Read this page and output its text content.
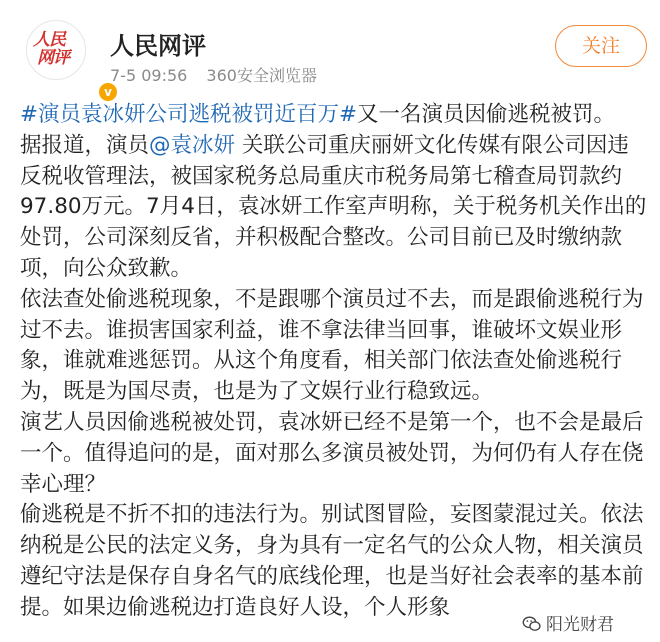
人民
网评
v
人民网评
7-5 09:56 360安全浏览器
关注

#演员袁冰妍公司逃税被罚近百万#又一名演员因偷逃税被罚。
据报道，演员@袁冰妍 关联公司重庆丽妍文化传媒有限公司因违反税收管理法，被国家税务总局重庆市税务局第七稽查局罚款约97.80万元。7月4日，袁冰妍工作室声明称，关于税务机关作出的处罚，公司深刻反省，并积极配合整改。公司目前已及时缴纳款项，向公众致歉。

依法查处偷逃税现象，不是跟哪个演员过不去，而是跟偷逃税行为过不去。谁损害国家利益，谁不拿法律当回事，谁破坏文娱业形象，谁就难逃惩罚。从这个角度看，相关部门依法查处偷逃税行为，既是为国尽责，也是为了文娱行业行稳致远。

演艺人员因偷逃税被处罚，袁冰妍已经不是第一个，也不会是最后一个。值得追问的是，面对那么多演员被处罚，为何仍有人存在侥幸心理？

偷逃税是不折不扣的违法行为。别试图冒险，妄图蒙混过关。依法纳税是公民的法定义务，身为具有一定名气的公众人物，相关演员遵纪守法是保存自身名气的底线伦理，也是当好社会表率的基本前提。如果边偷逃税边打造良好人设，个人形象

阳光财君
